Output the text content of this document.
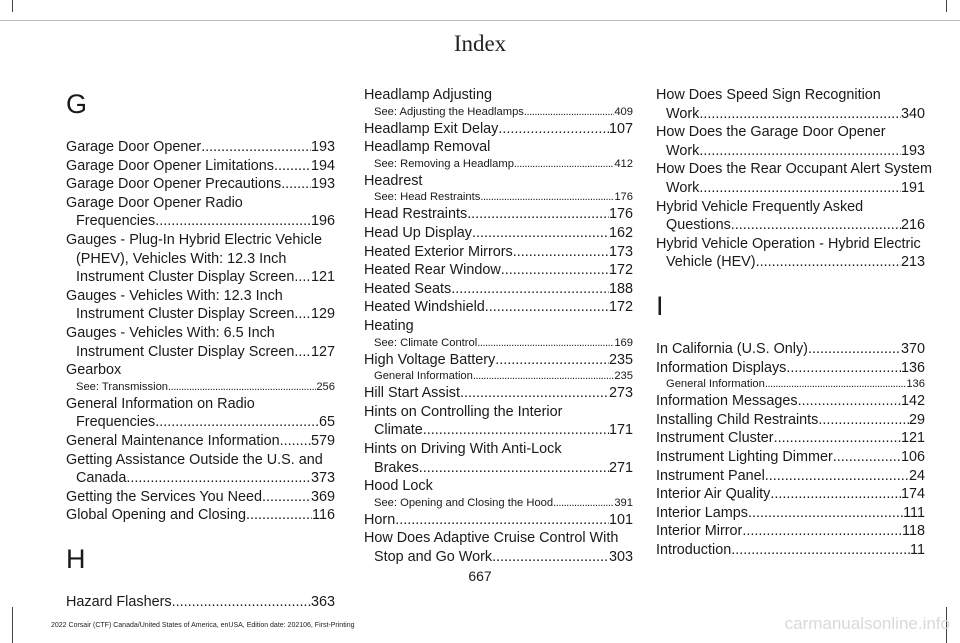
Index
G
Garage Door Opener .....	193
Garage Door Opener Limitations .....	194
Garage Door Opener Precautions ..... 193
Garage Door Opener Radio
Frequencies .....	196
Gauges - Plug-In Hybrid Electric Vehicle
(PHEV), Vehicles With: 12.3 Inch
Instrument Cluster Display Screen ..... 121
Gauges - Vehicles With: 12.3 Inch
Instrument Cluster Display Screen ..... 129
Gauges - Vehicles With: 6.5 Inch
Instrument Cluster Display Screen ..... 127
Gearbox
See: Transmission .....	256
General Information on Radio
Frequencies .....	65
General Maintenance Information ..... 579
Getting Assistance Outside the U.S. and
Canada .....	373
Getting the Services You Need .....	369
Global Opening and Closing .....	116
H
Hazard Flashers .....	363
Headlamp Adjusting
See: Adjusting the Headlamps .....	409
Headlamp Exit Delay .....	107
Headlamp Removal
See: Removing a Headlamp .....	412
Headrest
See: Head Restraints .....	176
Head Restraints .....	176
Head Up Display .....	162
Heated Exterior Mirrors .....	173
Heated Rear Window .....	172
Heated Seats .....	188
Heated Windshield .....	172
Heating
See: Climate Control .....	169
High Voltage Battery .....	235
General Information .....	235
Hill Start Assist .....	273
Hints on Controlling the Interior
Climate .....	171
Hints on Driving With Anti-Lock
Brakes .....	271
Hood Lock
See: Opening and Closing the Hood .....	391
Horn .....	101
How Does Adaptive Cruise Control With
Stop and Go Work .....	303
How Does Speed Sign Recognition
Work .....	340
How Does the Garage Door Opener
Work .....	193
How Does the Rear Occupant Alert System
Work .....	191
Hybrid Vehicle Frequently Asked
Questions .....	216
Hybrid Vehicle Operation - Hybrid Electric
Vehicle (HEV) .....	213
I
In California (U.S. Only) .....	370
Information Displays .....	136
General Information .....	136
Information Messages .....	142
Installing Child Restraints .....	29
Instrument Cluster .....	121
Instrument Lighting Dimmer .....	106
Instrument Panel .....	24
Interior Air Quality .....	174
Interior Lamps .....	111
Interior Mirror .....	118
Introduction .....	11
667
2022 Corsair (CTF) Canada/United States of America, enUSA, Edition date: 202106, First-Printing	carmanualsonline.info
